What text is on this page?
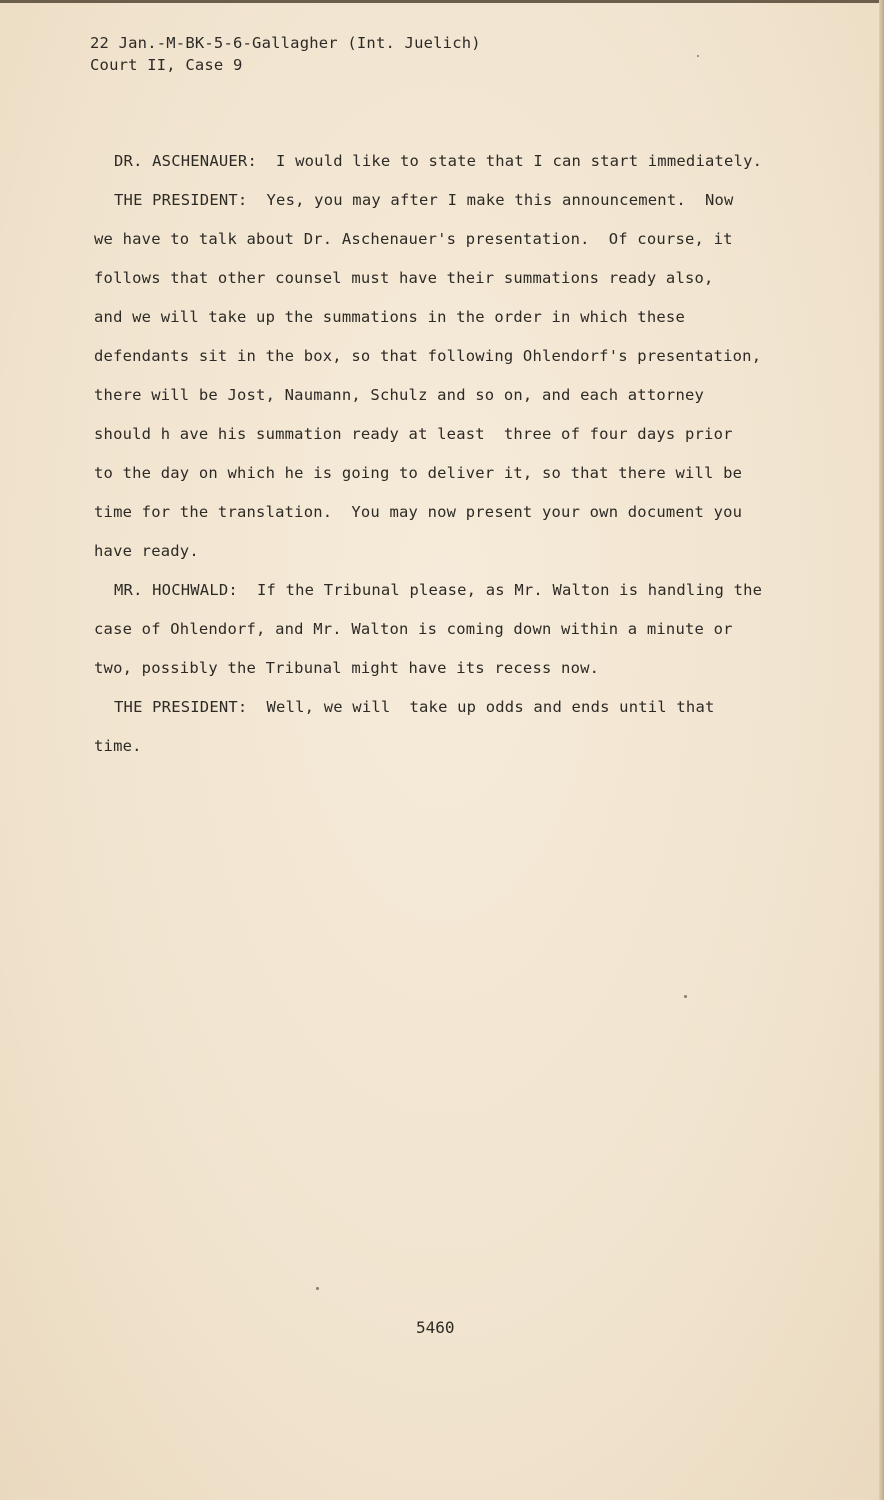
22 Jan.-M-BK-5-6-Gallagher (Int. Juelich)
Court II, Case 9
DR. ASCHENAUER:  I would like to state that I can start immediately.
THE PRESIDENT:  Yes, you may after I make this announcement.  Now
we have to talk about Dr. Aschenauer's presentation.  Of course, it
follows that other counsel must have their summations ready also,
and we will take up the summations in the order in which these
defendants sit in the box, so that following Ohlendorf's presentation,
there will be Jost, Naumann, Schulz and so on, and each attorney
should h ave his summation ready at least  three of four days prior
to the day on which he is going to deliver it, so that there will be
time for the translation.  You may now present your own document you
have ready.
MR. HOCHWALD:  If the Tribunal please, as Mr. Walton is handling the
case of Ohlendorf, and Mr. Walton is coming down within a minute or
two, possibly the Tribunal might have its recess now.
THE PRESIDENT:  Well, we will  take up odds and ends until that
time.
5460
